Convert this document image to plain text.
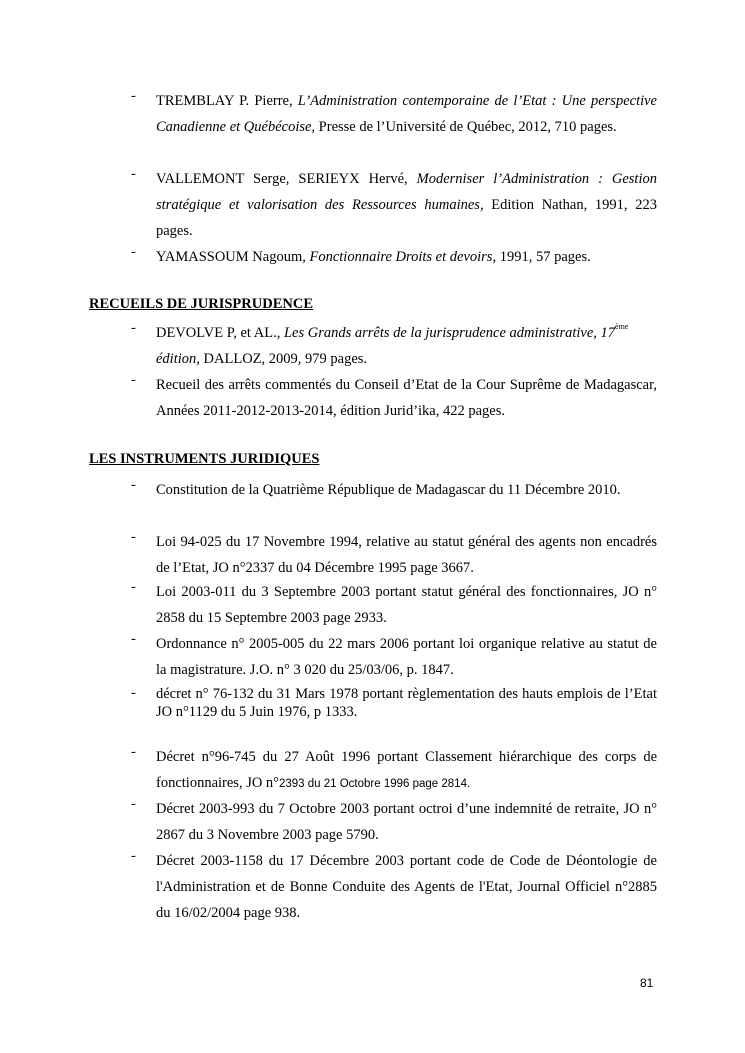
- TREMBLAY P. Pierre, L’Administration contemporaine de l’Etat : Une perspective Canadienne et Québécoise, Presse de l’Université de Québec, 2012, 710 pages.
- VALLEMONT Serge, SERIEYX Hervé, Moderniser l’Administration : Gestion stratégique et valorisation des Ressources humaines, Edition Nathan, 1991, 223 pages.
- YAMASSOUM Nagoum, Fonctionnaire Droits et devoirs, 1991, 57 pages.
RECUEILS DE JURISPRUDENCE
- DEVOLVE P, et AL., Les Grands arrêts de la jurisprudence administrative, 17ème
édition, DALLOZ, 2009, 979 pages.
- Recueil des arrêts commentés du Conseil d’Etat de la Cour Suprême de Madagascar, Années 2011-2012-2013-2014, édition Jurid’ika, 422 pages.
LES INSTRUMENTS JURIDIQUES
- Constitution de la Quatrième République de Madagascar du 11 Décembre 2010.
- Loi 94-025 du 17 Novembre 1994, relative au statut général des agents non encadrés de l’Etat, JO n°2337 du 04 Décembre 1995 page 3667.
- Loi 2003-011 du 3 Septembre 2003 portant statut général des fonctionnaires, JO n° 2858 du 15 Septembre 2003 page 2933.
- Ordonnance n° 2005-005 du 22 mars 2006 portant loi organique relative au statut de la magistrature. J.O. n° 3 020 du 25/03/06, p. 1847.
- décret n° 76-132 du 31 Mars 1978 portant règlementation des hauts emplois de l’Etat JO n°1129 du 5 Juin 1976, p 1333.
- Décret n°96-745 du 27 Août 1996 portant Classement hiérarchique des corps de fonctionnaires, JO n°2393 du 21 Octobre 1996 page 2814.
- Décret 2003-993 du 7 Octobre 2003 portant octroi d’une indemnité de retraite, JO n° 2867 du 3 Novembre 2003 page 5790.
- Décret 2003-1158 du 17 Décembre 2003 portant code de Code de Déontologie de l'Administration et de Bonne Conduite des Agents de l'Etat, Journal Officiel n°2885 du 16/02/2004 page 938.
81
